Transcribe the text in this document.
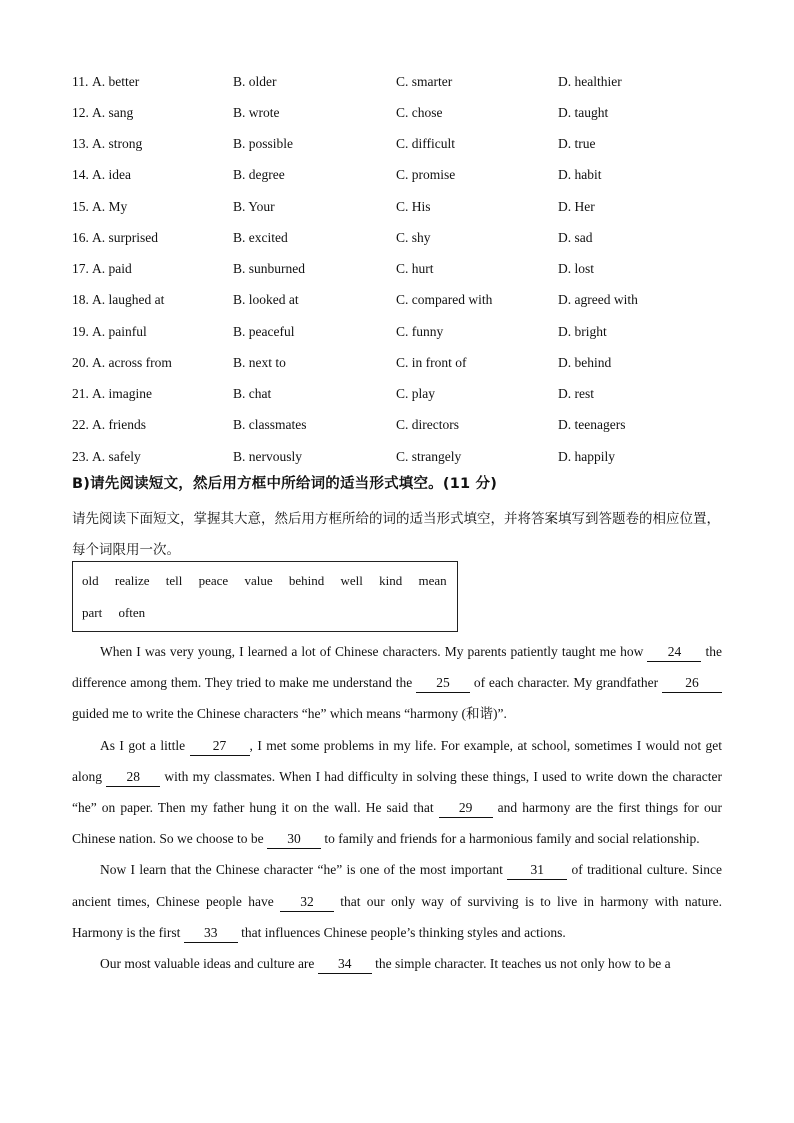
11. A. better	B. older	C. smarter	D. healthier
12. A. sang	B. wrote	C. chose	D. taught
13. A. strong	B. possible	C. difficult	D. true
14. A. idea	B. degree	C. promise	D. habit
15. A. My	B. Your	C. His	D. Her
16. A. surprised	B. excited	C. shy	D. sad
17. A. paid	B. sunburned	C. hurt	D. lost
18. A. laughed at	B. looked at	C. compared with	D. agreed with
19. A. painful	B. peaceful	C. funny	D. bright
20. A. across from	B. next to	C. in front of	D. behind
21. A. imagine	B. chat	C. play	D. rest
22. A. friends	B. classmates	C. directors	D. teenagers
23. A. safely	B. nervously	C. strangely	D. happily
B)请先阅读短文，然后用方框中所给词的适当形式填空。(11 分)
请先阅读下面短文，掌握其大意，然后用方框所给的词的适当形式填空，并将答案填写到答题卷的相应位置，每个词限用一次。
old realize tell peace value behind well kind mean
part often

When I was very young, I learned a lot of Chinese characters. My parents patiently taught me how 24 the difference among them. They tried to make me understand the 25 of each character. My grandfather 26 guided me to write the Chinese characters “he” which means “harmony (和谐)”.

As I got a little 27 , I met some problems in my life. For example, at school, sometimes I would not get along 28 with my classmates. When I had difficulty in solving these things, I used to write down the character “he” on paper. Then my father hung it on the wall. He said that 29 and harmony are the first things for our Chinese nation. So we choose to be 30 to family and friends for a harmonious family and social relationship.

Now I learn that the Chinese character “he” is one of the most important 31 of traditional culture. Since ancient times, Chinese people have 32 that our only way of surviving is to live in harmony with nature. Harmony is the first 33 that influences Chinese people’s thinking styles and actions.

Our most valuable ideas and culture are 34 the simple character. It teaches us not only how to be a
